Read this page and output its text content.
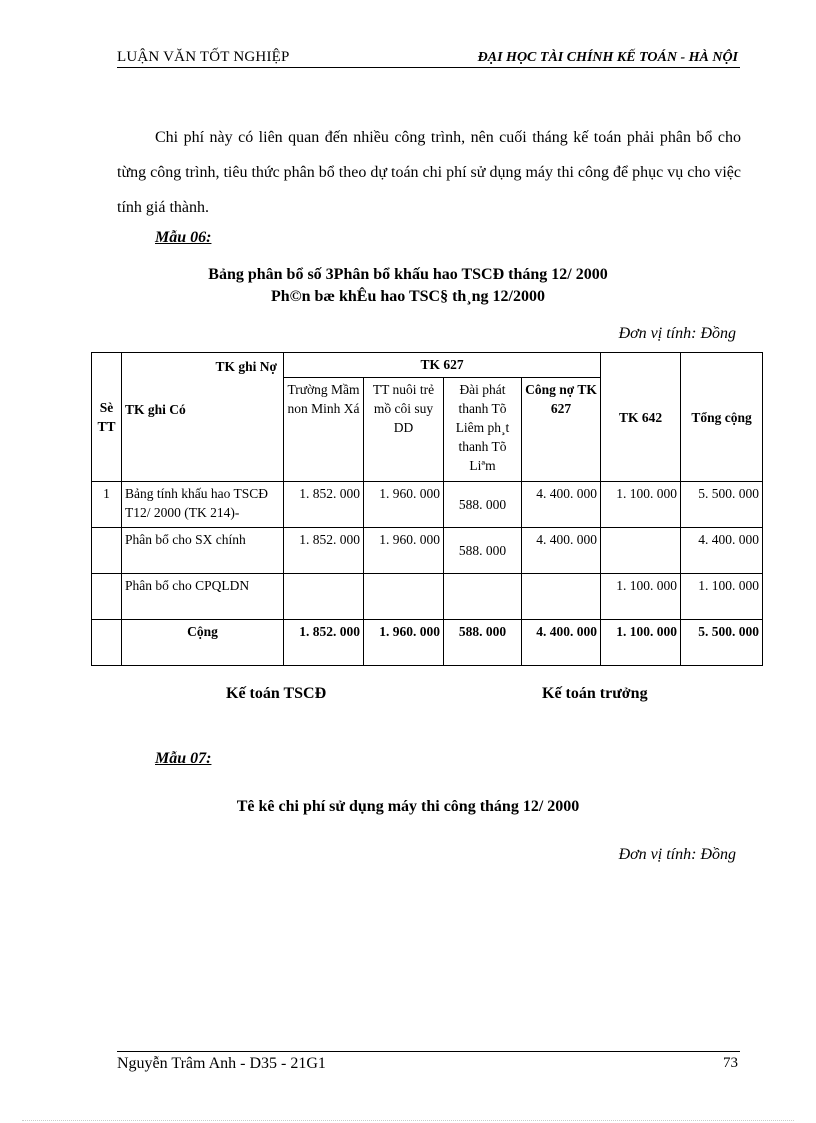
LUẬN VĂN TỐT NGHIỆP	ĐẠI HỌC TÀI CHÍNH KẾ TOÁN - HÀ NỘI

Chi phí này có liên quan đến nhiều công trình, nên cuối tháng kế toán phải phân bổ cho từng công trình, tiêu thức phân bổ theo dự toán chi phí sử dụng máy thi công để phục vụ cho việc tính giá thành.

Mẫu 06:
Bảng phân bổ số 3Phân bổ khấu hao TSCĐ tháng 12/ 2000
Ph©n bæ khÊu hao TSC§ th¸ng 12/2000
Đơn vị tính: Đồng
Sè TT	TK ghi Nợ
TK ghi Có	TK 627				TK 642	Tổng cộng
		Trường Mầm non Minh Xá	TT nuôi trẻ mồ côi suy DD	Đài phát thanh Tõ Liêm ph¸t thanh Tõ Liªm	Công nợ TK 627		
1	Bảng tính khấu hao TSCĐ T12/ 2000 (TK 214)-	1. 852. 000	1. 960. 000	588. 000	4. 400. 000	1. 100. 000	5. 500. 000
	Phân bổ cho SX chính	1. 852. 000	1. 960. 000	588. 000	4. 400. 000		4. 400. 000
	Phân bổ cho CPQLDN					1. 100. 000	1. 100. 000
	Cộng	1. 852. 000	1. 960. 000	588. 000	4. 400. 000	1. 100. 000	5. 500. 000
Kế toán TSCĐ	Kế toán trưởng
Mẫu 07:
Tê kê chi phí sử dụng máy thi công tháng 12/ 2000
Đơn vị tính: Đồng
Nguyễn Trâm Anh - D35 - 21G1	73
